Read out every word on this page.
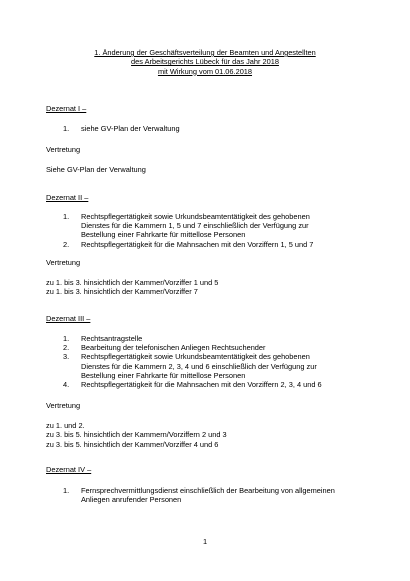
1. Änderung der Geschäftsverteilung der Beamten und Angestellten
des Arbeitsgerichts Lübeck für das Jahr 2018
mit Wirkung vom 01.06.2018
Dezernat I –
1. siehe GV-Plan der Verwaltung
Vertretung
Siehe GV-Plan der Verwaltung
Dezernat II –
1. Rechtspflegertätigkeit sowie Urkundsbeamtentätigkeit des gehobenen
Dienstes für die Kammern 1, 5 und 7 einschließlich der Verfügung zur
Bestellung einer Fahrkarte für mittellose Personen
2. Rechtspflegertätigkeit für die Mahnsachen mit den Vorziffern 1, 5 und 7
Vertretung
zu 1. bis 3. hinsichtlich der Kammer/Vorziffer 1 und 5
zu 1. bis 3. hinsichtlich der Kammer/Vorziffer 7
Dezernat III –
1. Rechtsantragstelle
2. Bearbeitung der telefonischen Anliegen Rechtsuchender
3. Rechtspflegertätigkeit sowie Urkundsbeamtentätigkeit des gehobenen
Dienstes für die Kammern 2, 3, 4 und 6 einschließlich der Verfügung zur
Bestellung einer Fahrkarte für mittellose Personen
4. Rechtspflegertätigkeit für die Mahnsachen mit den Vorziffern 2, 3, 4 und 6
Vertretung
zu 1. und 2.
zu 3. bis 5. hinsichtlich der Kammern/Vorziffern 2 und 3
zu 3. bis 5. hinsichtlich der Kammer/Vorziffer 4 und 6
Dezernat IV –
1. Fernsprechvermittlungsdienst einschließlich der Bearbeitung von allgemeinen
Anliegen anrufender Personen
1
